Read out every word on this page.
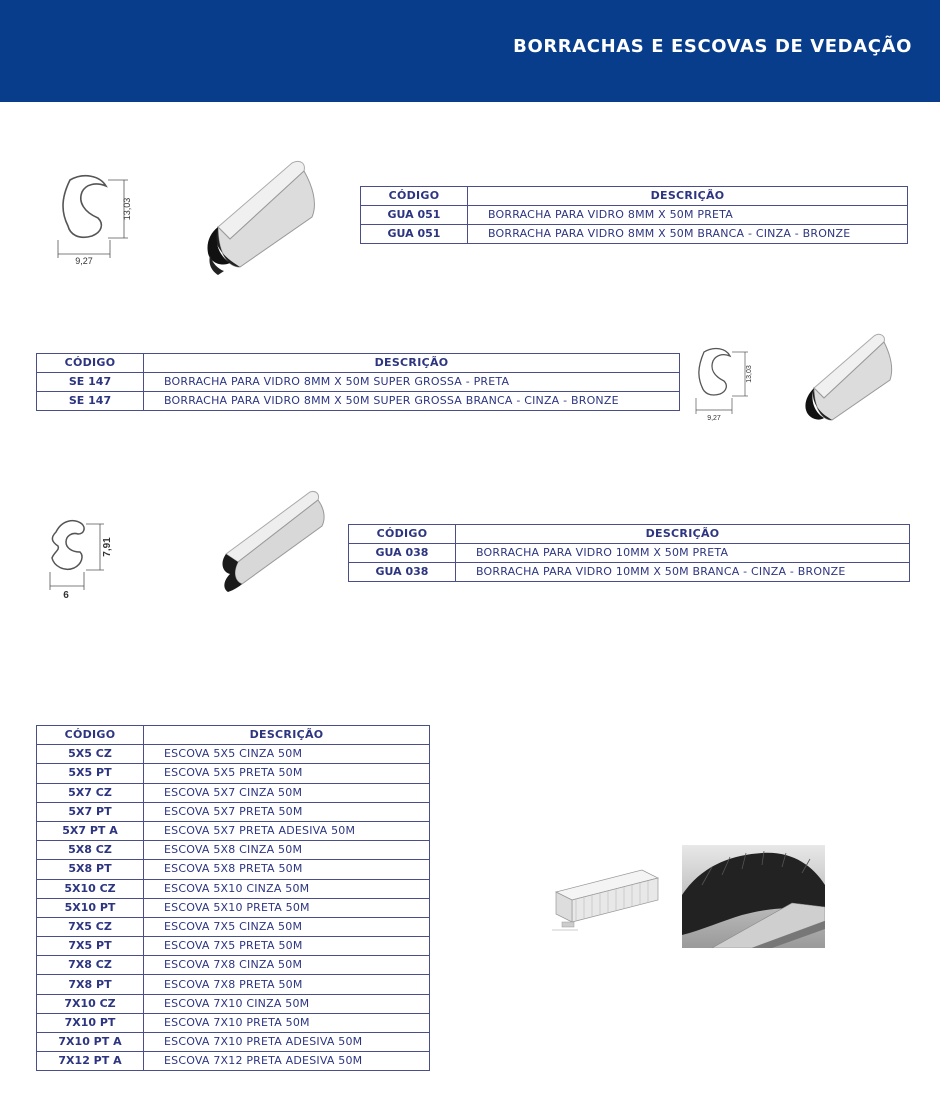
BORRACHAS E ESCOVAS DE VEDAÇÃO
13,03
9,27
CÓDIGO	DESCRIÇÃO
GUA 051	BORRACHA PARA VIDRO 8MM X 50M PRETA
GUA 051	BORRACHA PARA VIDRO 8MM X 50M BRANCA - CINZA - BRONZE
CÓDIGO	DESCRIÇÃO
SE 147	BORRACHA PARA VIDRO 8MM X 50M SUPER GROSSA - PRETA
SE 147	BORRACHA PARA VIDRO 8MM X 50M SUPER GROSSA BRANCA - CINZA - BRONZE
13,03
9,27
7,91
6
CÓDIGO	DESCRIÇÃO
GUA 038	BORRACHA PARA VIDRO 10MM X 50M PRETA
GUA 038	BORRACHA PARA VIDRO 10MM X 50M BRANCA - CINZA - BRONZE
CÓDIGO	DESCRIÇÃO
5X5 CZ	ESCOVA 5X5 CINZA 50M
5X5 PT	ESCOVA 5X5 PRETA 50M
5X7 CZ	ESCOVA 5X7 CINZA 50M
5X7 PT	ESCOVA 5X7 PRETA 50M
5X7 PT A	ESCOVA 5X7 PRETA ADESIVA 50M
5X8 CZ	ESCOVA 5X8 CINZA 50M
5X8 PT	ESCOVA 5X8 PRETA 50M
5X10 CZ	ESCOVA 5X10 CINZA 50M
5X10 PT	ESCOVA 5X10 PRETA 50M
7X5 CZ	ESCOVA 7X5 CINZA 50M
7X5 PT	ESCOVA 7X5 PRETA 50M
7X8 CZ	ESCOVA 7X8 CINZA 50M
7X8 PT	ESCOVA 7X8 PRETA 50M
7X10 CZ	ESCOVA 7X10 CINZA 50M
7X10 PT	ESCOVA 7X10 PRETA 50M
7X10 PT A	ESCOVA 7X10 PRETA ADESIVA 50M
7X12 PT A	ESCOVA 7X12 PRETA ADESIVA 50M
